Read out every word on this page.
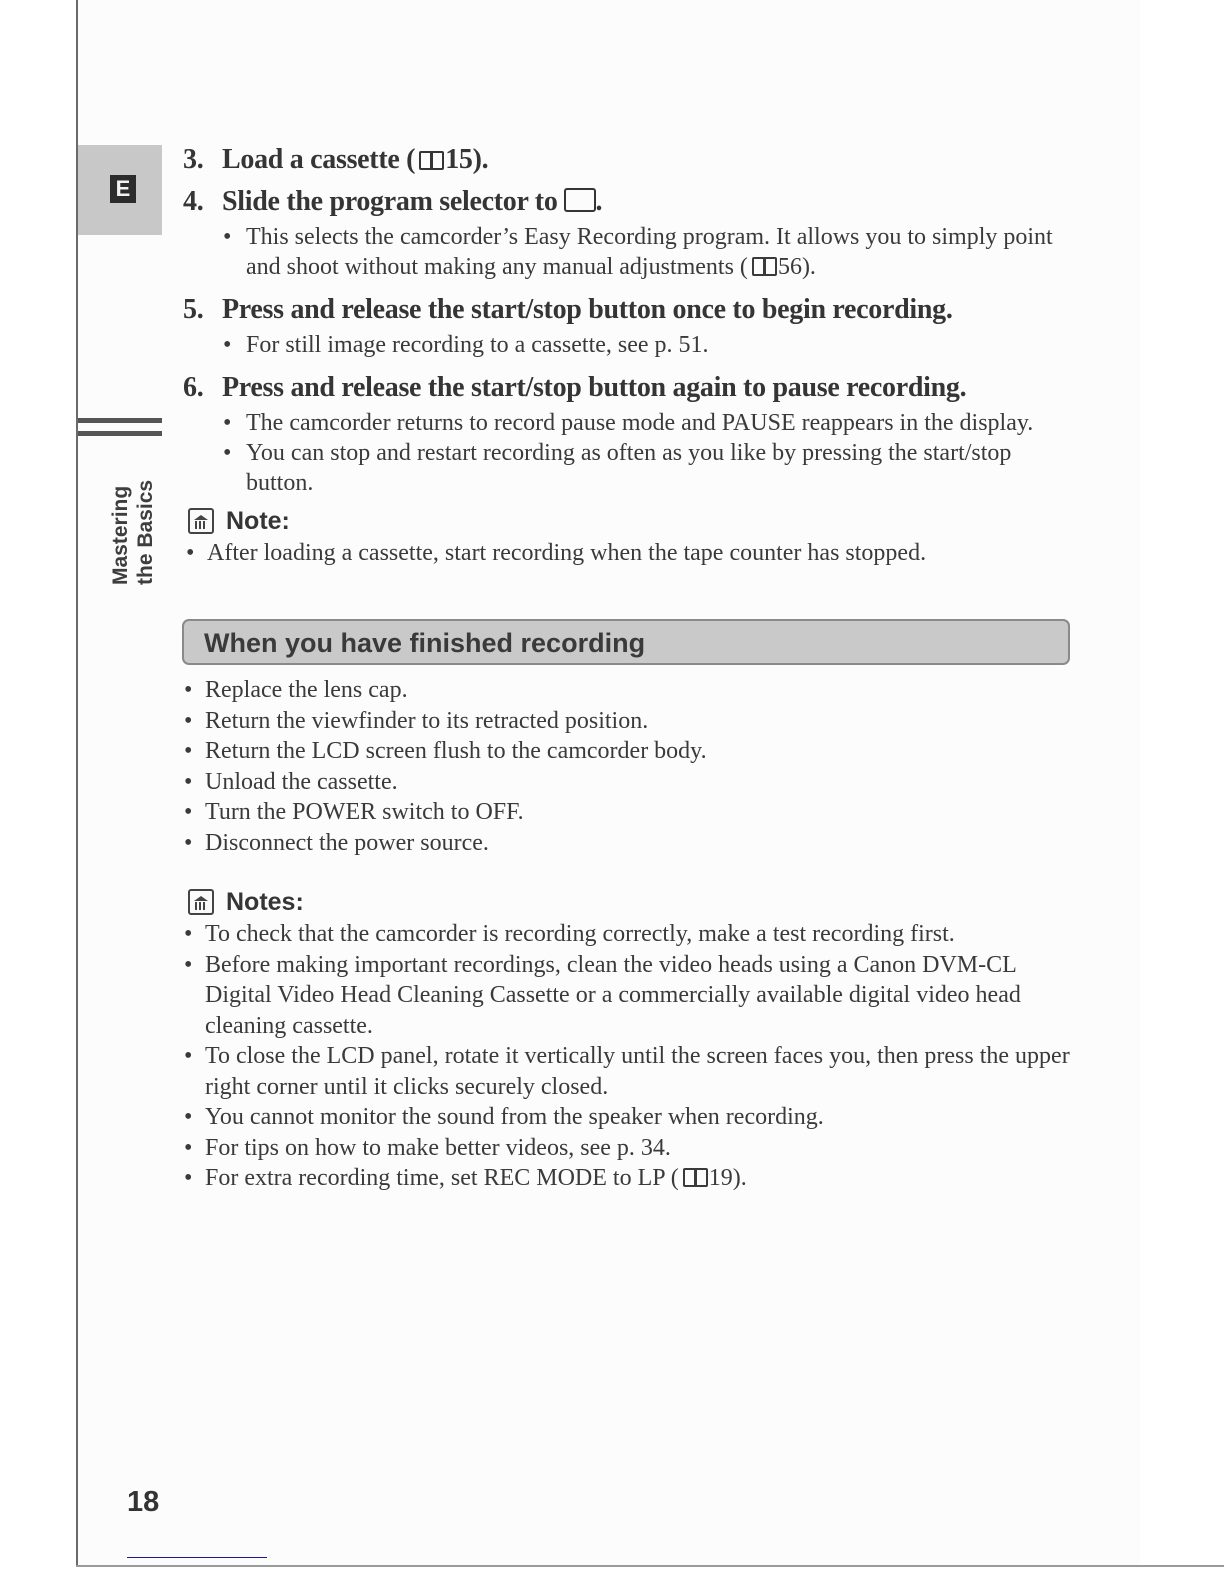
E
Mastering the Basics
3. Load a cassette ( 15).
4. Slide the program selector to .
• This selects the camcorder’s Easy Recording program. It allows you to simply point and shoot without making any manual adjustments ( 56).
5. Press and release the start/stop button once to begin recording.
• For still image recording to a cassette, see p. 51.
6. Press and release the start/stop button again to pause recording.
• The camcorder returns to record pause mode and PAUSE reappears in the display.
• You can stop and restart recording as often as you like by pressing the start/stop button.
Note:
• After loading a cassette, start recording when the tape counter has stopped.
When you have finished recording
• Replace the lens cap.
• Return the viewfinder to its retracted position.
• Return the LCD screen flush to the camcorder body.
• Unload the cassette.
• Turn the POWER switch to OFF.
• Disconnect the power source.
Notes:
• To check that the camcorder is recording correctly, make a test recording first.
• Before making important recordings, clean the video heads using a Canon DVM-CL Digital Video Head Cleaning Cassette or a commercially available digital video head cleaning cassette.
• To close the LCD panel, rotate it vertically until the screen faces you, then press the upper right corner until it clicks securely closed.
• You cannot monitor the sound from the speaker when recording.
• For tips on how to make better videos, see p. 34.
• For extra recording time, set REC MODE to LP ( 19).
18
